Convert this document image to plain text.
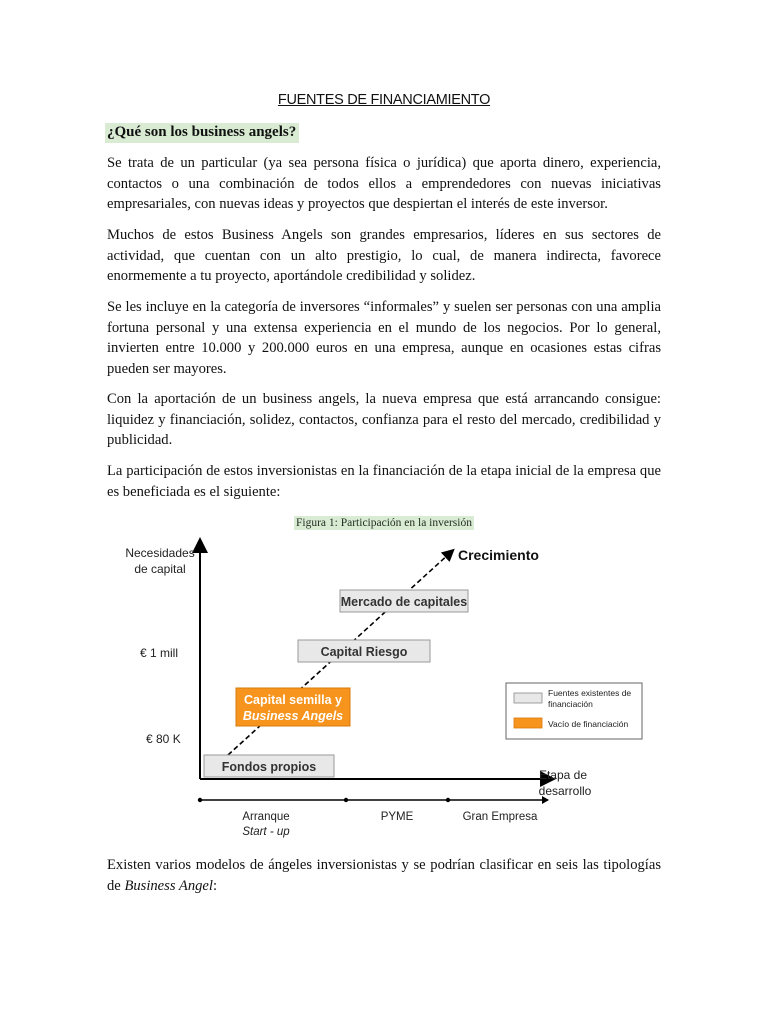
FUENTES DE FINANCIAMIENTO
¿Qué son los business angels?

Se trata de un particular (ya sea persona física o jurídica) que aporta dinero, experiencia, contactos o una combinación de todos ellos a emprendedores con nuevas iniciativas empresariales, con nuevas ideas y proyectos que despiertan el interés de este inversor.

Muchos de estos Business Angels son grandes empresarios, líderes en sus sectores de actividad, que cuentan con un alto prestigio, lo cual, de manera indirecta, favorece enormemente a tu proyecto, aportándole credibilidad y solidez.

Se les incluye en la categoría de inversores “informales” y suelen ser personas con una amplia fortuna personal y una extensa experiencia en el mundo de los negocios. Por lo general, invierten entre 10.000 y 200.000 euros en una empresa, aunque en ocasiones estas cifras pueden ser mayores.

Con la aportación de un business angels, la nueva empresa que está arrancando consigue: liquidez y financiación, solidez, contactos, confianza para el resto del mercado, credibilidad y publicidad.

La participación de estos inversionistas en la financiación de la etapa inicial de la empresa que es beneficiada es el siguiente:

Figura 1: Participación en la inversión
Necesidades
de capital
€ 1 mill
€ 80 K
Etapa de
desarrollo
Crecimiento
Fondos propios
Capital semilla y
Business Angels
Capital Riesgo
Mercado de capitales
Fuentes existentes de
financiación
Vacío de financiación
Arranque
Start - up
PYME	Gran Empresa

Existen varios modelos de ángeles inversionistas y se podrían clasificar en seis las tipologías de Business Angel:
